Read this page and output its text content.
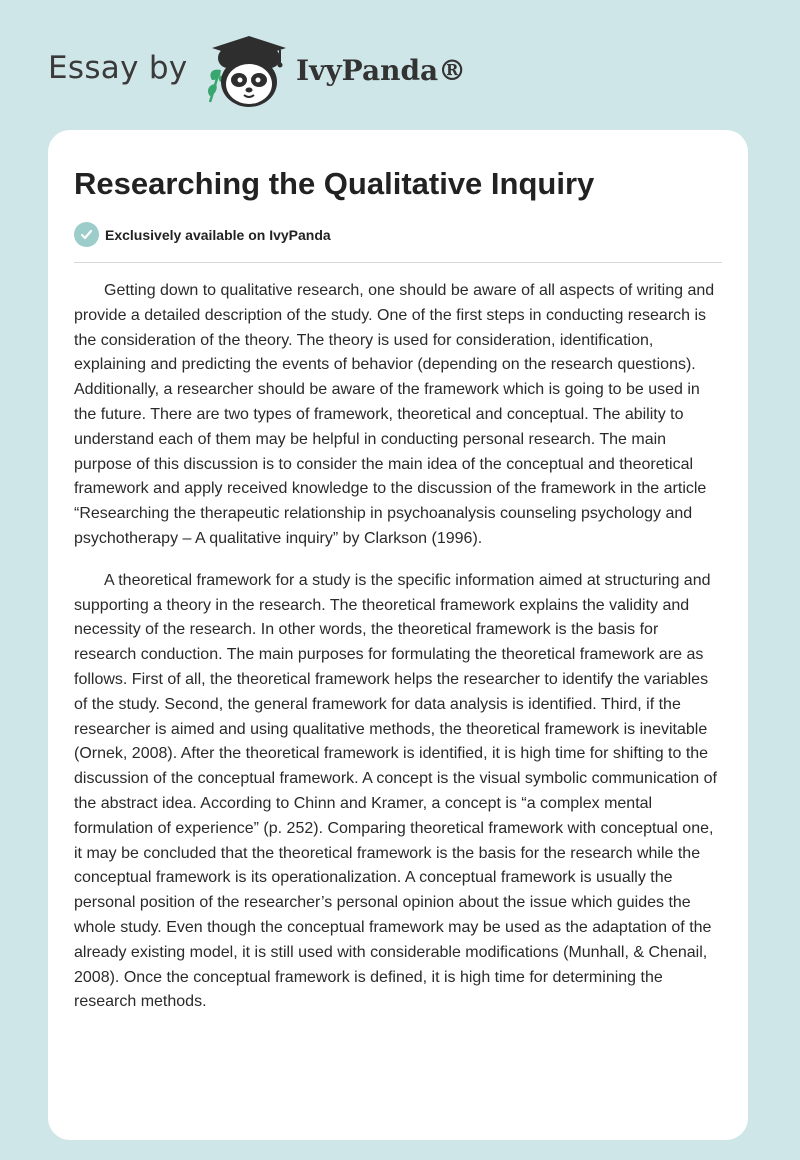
Essay by	IvyPanda®
Researching the Qualitative Inquiry
Exclusively available on IvyPanda

Getting down to qualitative research, one should be aware of all aspects of writing and provide a detailed description of the study. One of the first steps in conducting research is the consideration of the theory. The theory is used for consideration, identification, explaining and predicting the events of behavior (depending on the research questions). Additionally, a researcher should be aware of the framework which is going to be used in the future. There are two types of framework, theoretical and conceptual. The ability to understand each of them may be helpful in conducting personal research. The main purpose of this discussion is to consider the main idea of the conceptual and theoretical framework and apply received knowledge to the discussion of the framework in the article “Researching the therapeutic relationship in psychoanalysis counseling psychology and psychotherapy – A qualitative inquiry” by Clarkson (1996).

A theoretical framework for a study is the specific information aimed at structuring and supporting a theory in the research. The theoretical framework explains the validity and necessity of the research. In other words, the theoretical framework is the basis for research conduction. The main purposes for formulating the theoretical framework are as follows. First of all, the theoretical framework helps the researcher to identify the variables of the study. Second, the general framework for data analysis is identified. Third, if the researcher is aimed and using qualitative methods, the theoretical framework is inevitable (Ornek, 2008). After the theoretical framework is identified, it is high time for shifting to the discussion of the conceptual framework. A concept is the visual symbolic communication of the abstract idea. According to Chinn and Kramer, a concept is “a complex mental formulation of experience” (p. 252). Comparing theoretical framework with conceptual one, it may be concluded that the theoretical framework is the basis for the research while the conceptual framework is its operationalization. A conceptual framework is usually the personal position of the researcher’s personal opinion about the issue which guides the whole study. Even though the conceptual framework may be used as the adaptation of the already existing model, it is still used with considerable modifications (Munhall, & Chenail, 2008). Once the conceptual framework is defined, it is high time for determining the research methods.
